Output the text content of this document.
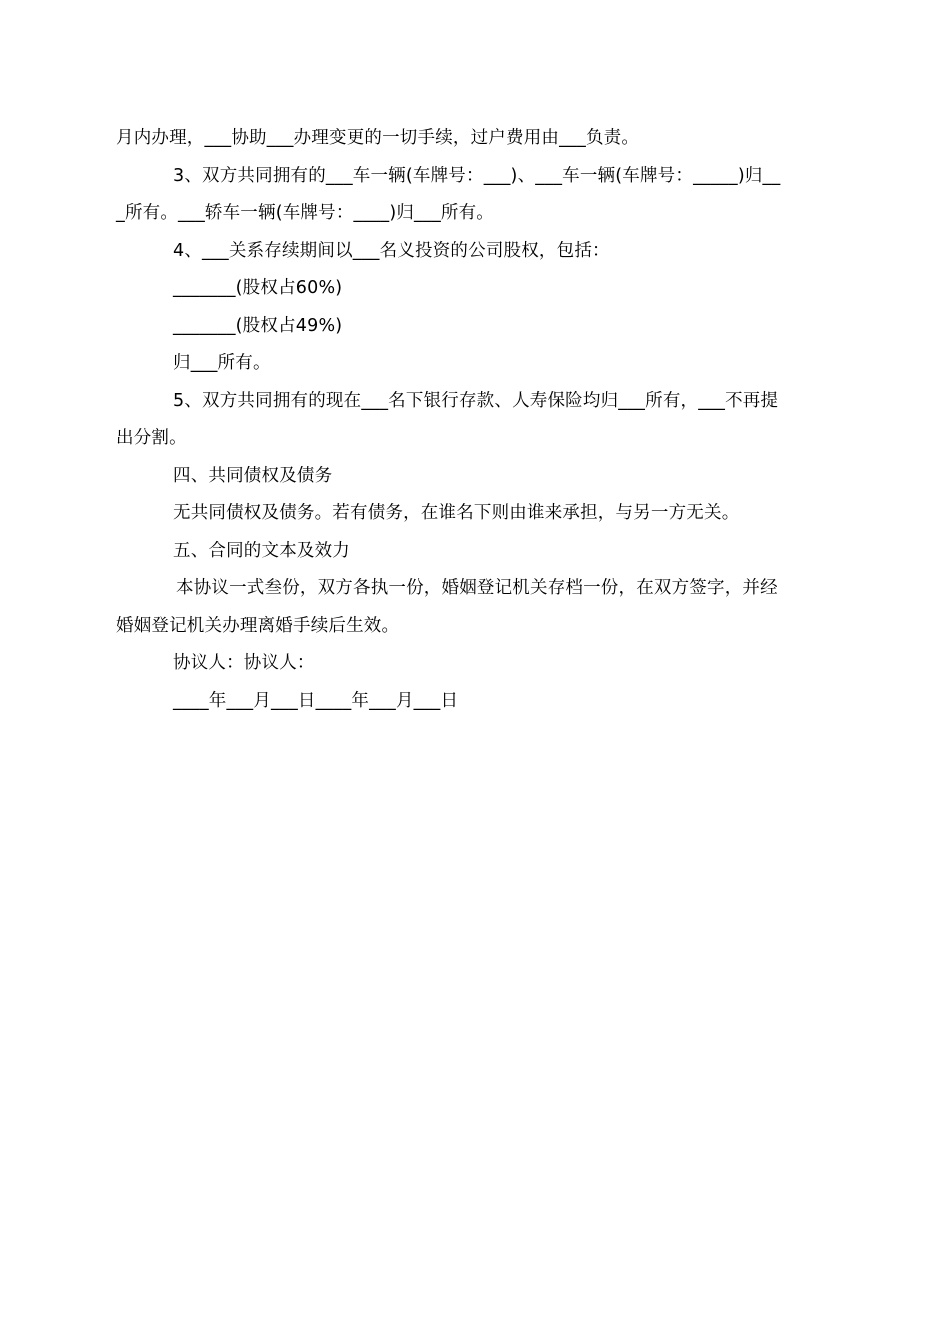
月内办理，___协助___办理变更的一切手续，过户费用由___负责。
3、双方共同拥有的___车一辆(车牌号：___)、___车一辆(车牌号：_____)归__
_所有。___轿车一辆(车牌号：____)归___所有。
4、___关系存续期间以___名义投资的公司股权，包括：
_______(股权占60%)
_______(股权占49%)
归___所有。
5、双方共同拥有的现在___名下银行存款、人寿保险均归___所有，___不再提
出分割。
四、共同债权及债务
无共同债权及债务。若有债务，在谁名下则由谁来承担，与另一方无关。
五、合同的文本及效力
本协议一式叁份，双方各执一份，婚姻登记机关存档一份，在双方签字，并经
婚姻登记机关办理离婚手续后生效。
协议人：协议人：
____年___月___日____年___月___日
